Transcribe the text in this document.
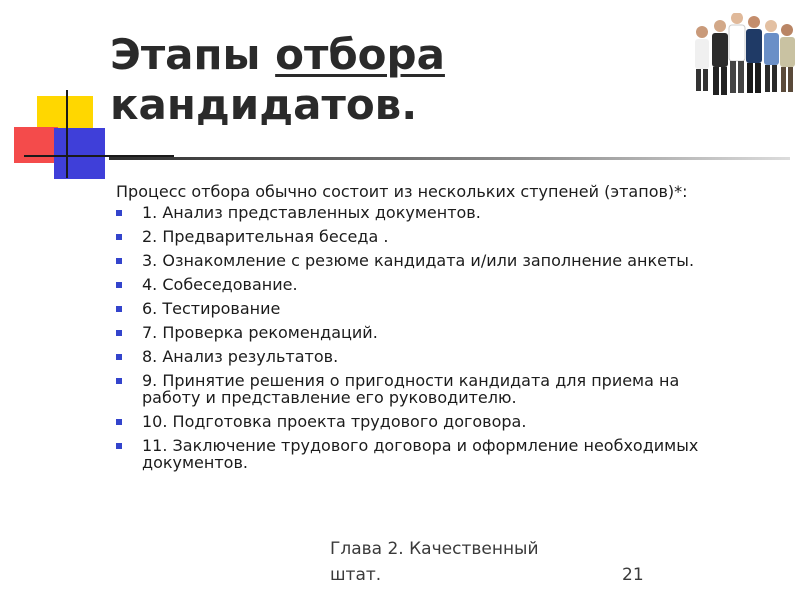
Этапы отбора
кандидатов.

Процесс отбора обычно состоит из нескольких ступеней (этапов)*:

1. Анализ представленных документов.
2. Предварительная беседа .
3. Ознакомление с резюме кандидата и/или заполнение анкеты.
4. Собеседование.
6. Тестирование
7. Проверка рекомендаций.
8. Анализ результатов.
9. Принятие решения о пригодности кандидата для приема на работу и представление его руководителю.
10. Подготовка проекта трудового договора.
11. Заключение трудового договора и оформление необходимых документов.

Глава 2. Качественный штат.	21
